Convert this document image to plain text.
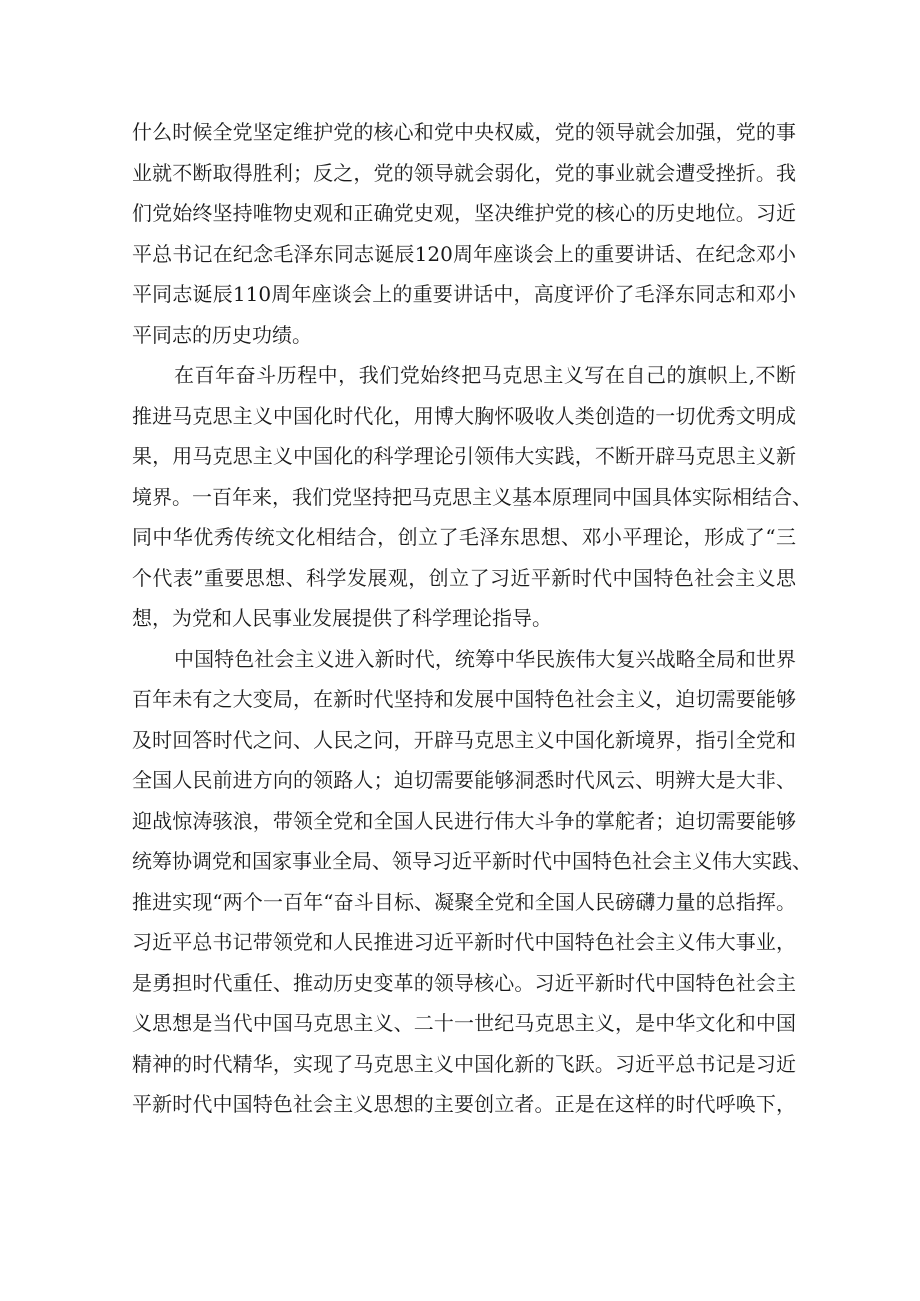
什么时候全党坚定维护党的核心和党中央权威，党的领导就会加强，党的事
业就不断取得胜利；反之，党的领导就会弱化，党的事业就会遭受挫折。我
们党始终坚持唯物史观和正确党史观，坚决维护党的核心的历史地位。习近
平总书记在纪念毛泽东同志诞辰120周年座谈会上的重要讲话、在纪念邓小
平同志诞辰110周年座谈会上的重要讲话中，高度评价了毛泽东同志和邓小
平同志的历史功绩。
在百年奋斗历程中，我们党始终把马克思主义写在自己的旗帜上,不断
推进马克思主义中国化时代化，用博大胸怀吸收人类创造的一切优秀文明成
果，用马克思主义中国化的科学理论引领伟大实践，不断开辟马克思主义新
境界。一百年来，我们党坚持把马克思主义基本原理同中国具体实际相结合、
同中华优秀传统文化相结合，创立了毛泽东思想、邓小平理论，形成了“三
个代表”重要思想、科学发展观，创立了习近平新时代中国特色社会主义思
想，为党和人民事业发展提供了科学理论指导。
中国特色社会主义进入新时代，统筹中华民族伟大复兴战略全局和世界
百年未有之大变局，在新时代坚持和发展中国特色社会主义，迫切需要能够
及时回答时代之问、人民之问，开辟马克思主义中国化新境界，指引全党和
全国人民前进方向的领路人；迫切需要能够洞悉时代风云、明辨大是大非、
迎战惊涛骇浪，带领全党和全国人民进行伟大斗争的掌舵者；迫切需要能够
统筹协调党和国家事业全局、领导习近平新时代中国特色社会主义伟大实践、
推进实现“两个一百年“奋斗目标、凝聚全党和全国人民磅礴力量的总指挥。
习近平总书记带领党和人民推进习近平新时代中国特色社会主义伟大事业，
是勇担时代重任、推动历史变革的领导核心。习近平新时代中国特色社会主
义思想是当代中国马克思主义、二十一世纪马克思主义，是中华文化和中国
精神的时代精华，实现了马克思主义中国化新的飞跃。习近平总书记是习近
平新时代中国特色社会主义思想的主要创立者。正是在这样的时代呼唤下，
